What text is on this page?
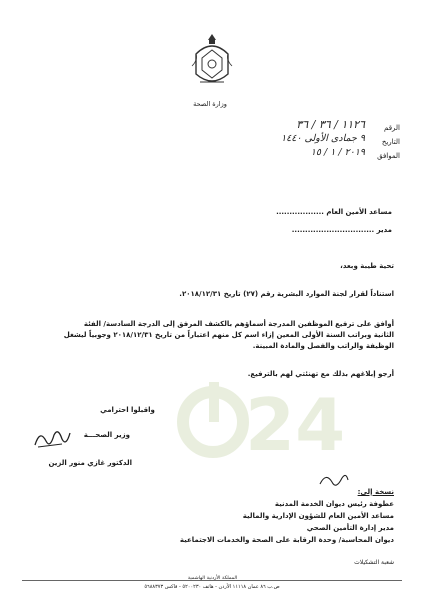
وزارة الصحة
الرقم
١١٢٦ / ٣٦ / ٣٦
التاريخ
٩ جمادى الأولى ١٤٤٠
الموافق
٢٠١٩ / ١ / ١٥
مساعد الأمين العام ..................
مدير ...............................
تحية طيبة وبعد،
استناداً لقرار لجنة الموارد البشرية رقم (٢٧) تاريخ ٢٠١٨/١٢/٣١.
أوافق على ترفيع الموظفين المدرجة أسماؤهم بالكشف المرفق إلى الدرجة السادسة/ الفئة
الثانية وبراتب السنة الأولى المعين إزاء اسم كل منهم اعتباراً من تاريخ ٢٠١٨/١٢/٣١ وجوبياً ليشغل
الوظيفة والراتب والفصل والمادة المبينة.
أرجو إبلاغهم بذلك مع تهنئتي لهم بالترفيع.
واقبلوا احترامي	24
وزير الصحـــة
الدكتور غازي منور الزين
نسخة إلى:
عطوفة رئيس ديوان الخدمة المدنية
مساعد الأمين العام للشؤون الإدارية والمالية
مدير إدارة التأمين الصحي
ديوان المحاسبة/ وحدة الرقابة على الصحة والخدمات الاجتماعية
شعبة التشكيلات
المملكة الأردنية الهاشمية
ص.ب ٨٦ عمان ١١١١٨ الأردن - هاتف ٥٢٠٠٢٣٠ - فاكس ٥٦٨٨٣٧٣
